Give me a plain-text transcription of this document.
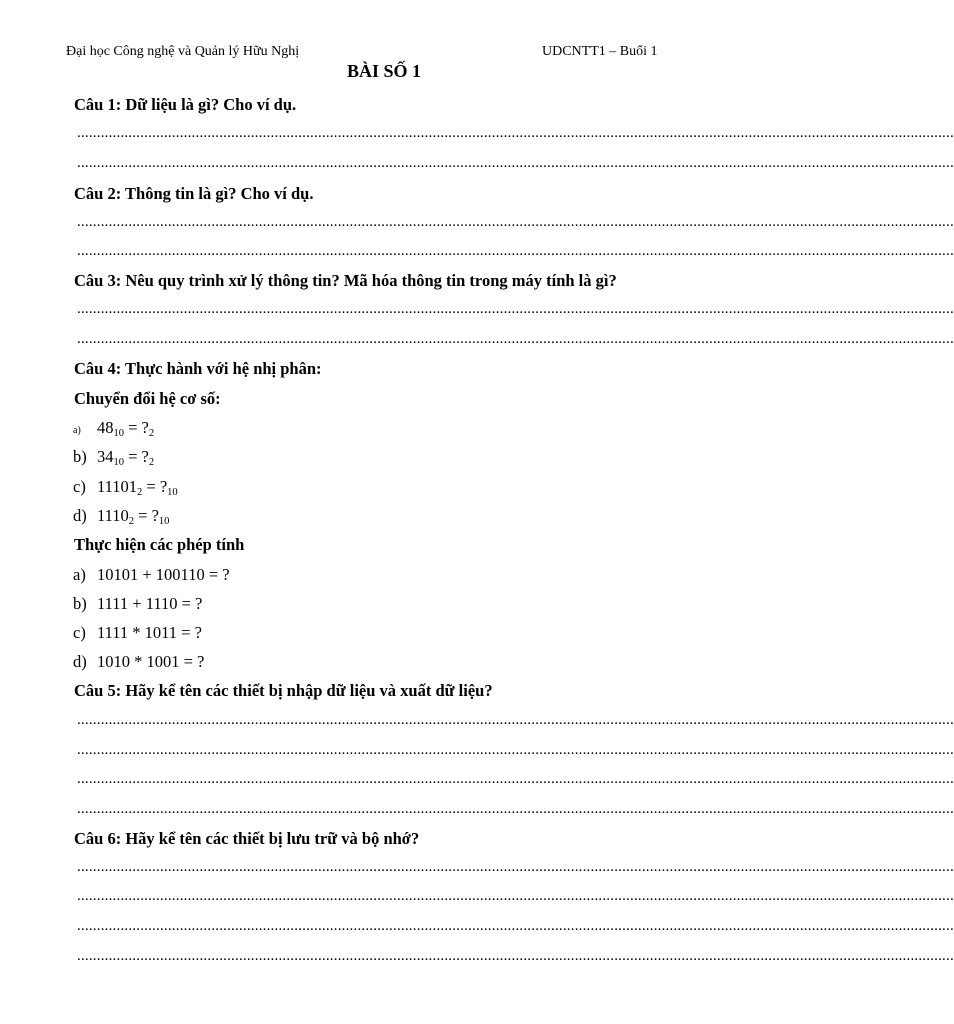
Đại học Công nghệ và Quản lý Hữu Nghị	UDCNTT1 – Buổi 1
BÀI SỐ 1
Câu 1: Dữ liệu là gì? Cho ví dụ.
..............................................................................................................................................................................................................................
..............................................................................................................................................................................................................................
Câu 2: Thông tin là gì? Cho ví dụ.
..............................................................................................................................................................................................................................
..............................................................................................................................................................................................................................
Câu 3: Nêu quy trình xử lý thông tin? Mã hóa thông tin trong máy tính là gì?
..............................................................................................................................................................................................................................
..............................................................................................................................................................................................................................
Câu 4: Thực hành với hệ nhị phân:
Chuyển đổi hệ cơ số:
a) $48_{10}$ = $?_2$
b) $34_{10}$ = $?_2$
c) $11101_2$ = $?_{10}$
d) $1110_2$ = $?_{10}$
Thực hiện các phép tính
a) 10101 + 100110 = ?
b) 1111 + 1110 = ?
c) 1111 * 1011 = ?
d) 1010 * 1001 = ?
Câu 5: Hãy kể tên các thiết bị nhập dữ liệu và xuất dữ liệu?
..............................................................................................................................................................................................................................
..............................................................................................................................................................................................................................
..............................................................................................................................................................................................................................
..............................................................................................................................................................................................................................
Câu 6: Hãy kể tên các thiết bị lưu trữ và bộ nhớ?
..............................................................................................................................................................................................................................
..............................................................................................................................................................................................................................
..............................................................................................................................................................................................................................
..............................................................................................................................................................................................................................
